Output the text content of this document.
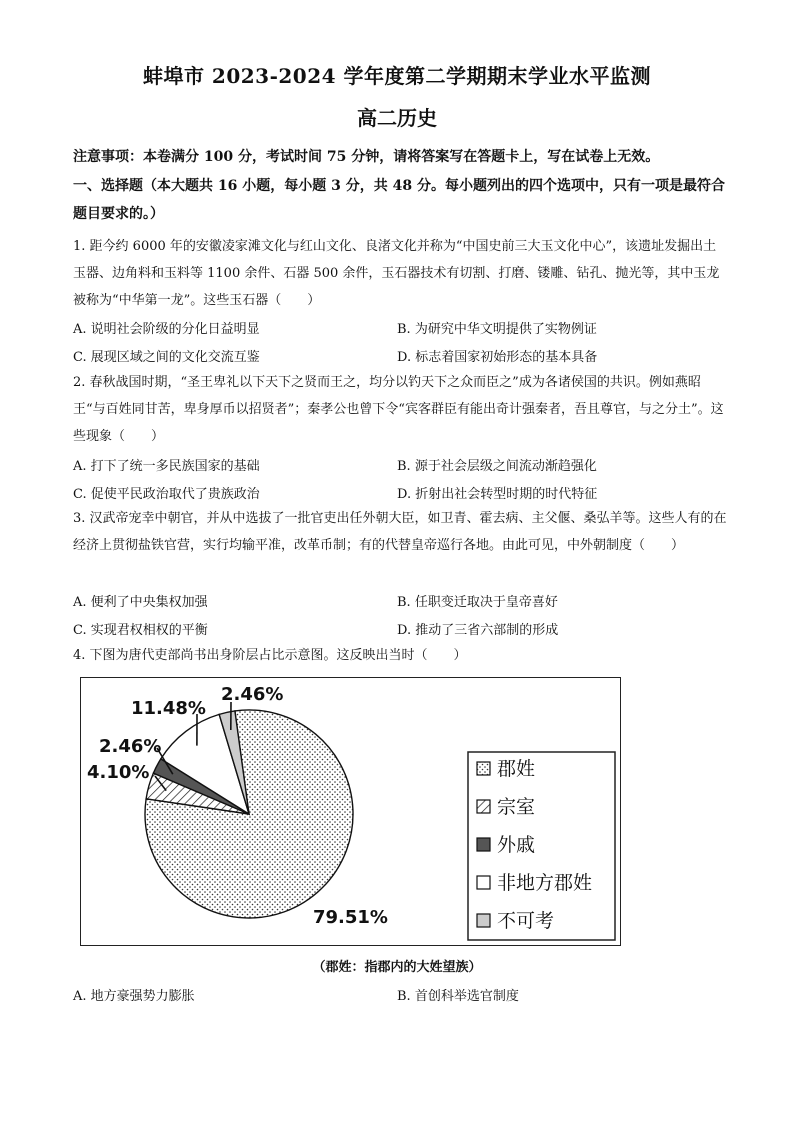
蚌埠市 2023-2024 学年度第二学期期末学业水平监测
高二历史
注意事项：本卷满分 100 分，考试时间 75 分钟，请将答案写在答题卡上，写在试卷上无效。
一、选择题（本大题共 16 小题，每小题 3 分，共 48 分。每小题列出的四个选项中，只有一项是最符合题目要求的。）
1. 距今约 6000 年的安徽凌家滩文化与红山文化、良渚文化并称为“中国史前三大玉文化中心”，该遗址发掘出土玉器、边角料和玉料等 1100 余件、石器 500 余件，玉石器技术有切割、打磨、镂雕、钻孔、抛光等，其中玉龙被称为“中华第一龙”。这些玉石器（　　）
A. 说明社会阶级的分化日益明显	B. 为研究中华文明提供了实物例证
C. 展现区域之间的文化交流互鉴	D. 标志着国家初始形态的基本具备
2. 春秋战国时期，“圣王卑礼以下天下之贤而王之，均分以钓天下之众而臣之”成为各诸侯国的共识。例如燕昭王“与百姓同甘苦，卑身厚币以招贤者”；秦孝公也曾下令“宾客群臣有能出奇计强秦者，吾且尊官，与之分土”。这些现象（　　）
A. 打下了统一多民族国家的基础	B. 源于社会层级之间流动渐趋强化
C. 促使平民政治取代了贵族政治	D. 折射出社会转型时期的时代特征
3. 汉武帝宠幸中朝官，并从中选拔了一批官吏出任外朝大臣，如卫青、霍去病、主父偃、桑弘羊等。这些人有的在经济上贯彻盐铁官营，实行均输平准，改革币制；有的代替皇帝巡行各地。由此可见，中外朝制度（　　）
A. 便利了中央集权加强	B. 任职变迁取决于皇帝喜好
C. 实现君权相权的平衡	D. 推动了三省六部制的形成
4. 下图为唐代吏部尚书出身阶层占比示意图。这反映出当时（　　）
79.51%
4.10%
2.46%
11.48%
2.46%
郡姓
宗室
外戚
非地方郡姓
不可考
（郡姓：指郡内的大姓望族）
A. 地方豪强势力膨胀	B. 首创科举选官制度
